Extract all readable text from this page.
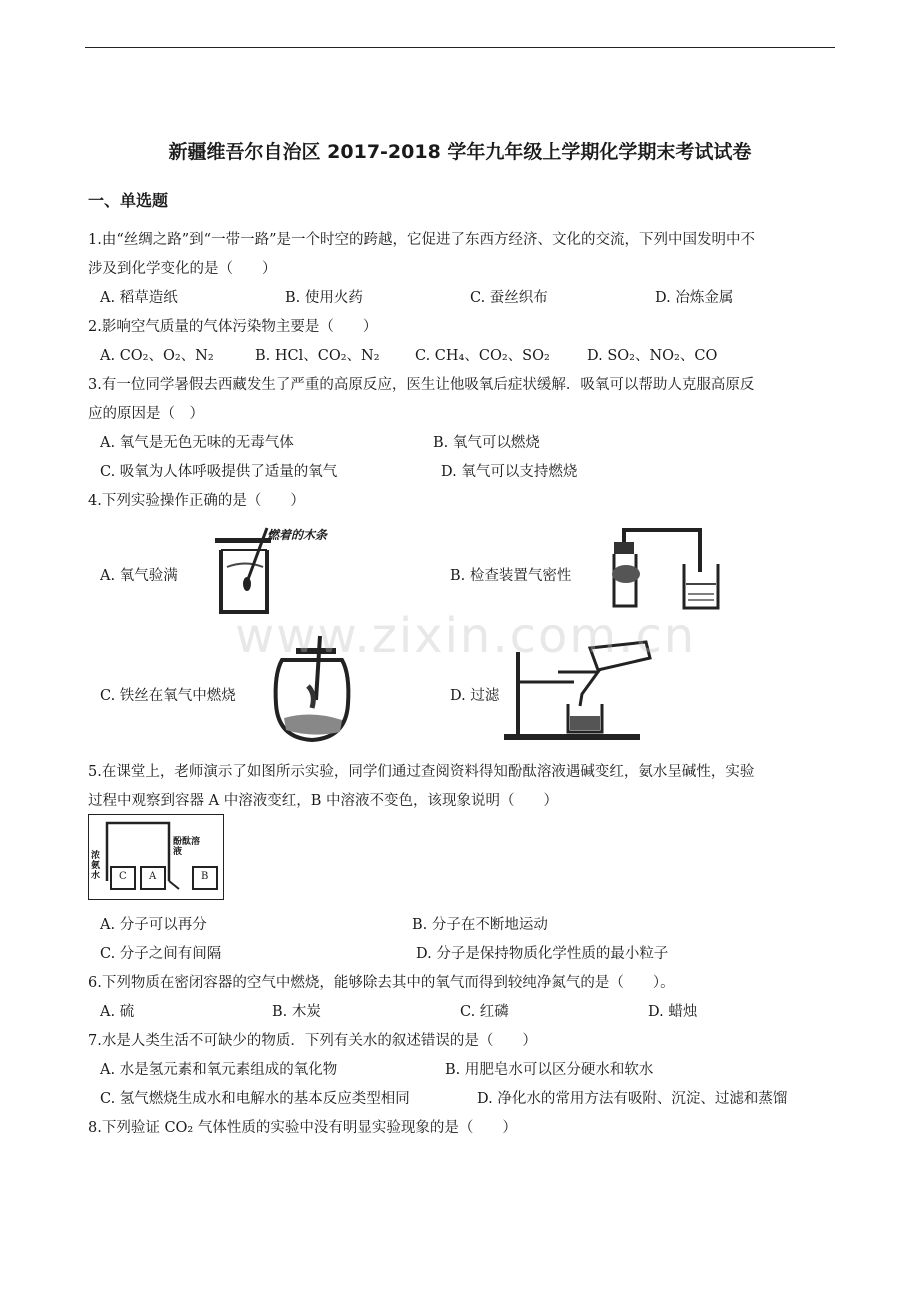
新疆维吾尔自治区 2017-2018 学年九年级上学期化学期末考试试卷
一、单选题
1.由“丝绸之路”到“一带一路”是一个时空的跨越，它促进了东西方经济、文化的交流，下列中国发明中不
涉及到化学变化的是（　　）
A. 稻草造纸	B. 使用火药	C. 蚕丝织布	D. 冶炼金属
2.影响空气质量的气体污染物主要是（　　）
A. CO₂、O₂、N₂	B. HCl、CO₂、N₂ C. CH₄、CO₂、SO₂	D. SO₂、NO₂、CO
3.有一位同学暑假去西藏发生了严重的高原反应，医生让他吸氧后症状缓解．吸氧可以帮助人克服高原反
应的原因是（　）
A. 氧气是无色无味的无毒气体	B. 氧气可以燃烧
C. 吸氧为人体呼吸提供了适量的氧气	D. 氧气可以支持燃烧
4.下列实验操作正确的是（　　）
A. 氧气验满	B. 检查装置气密性
C. 铁丝在氧气中燃烧	D. 过滤
燃着的木条
5.在课堂上，老师演示了如图所示实验，同学们通过查阅资料得知酚酞溶液遇碱变红，氨水呈碱性，实验
过程中观察到容器 A 中溶液变红，B 中溶液不变色，该现象说明（　　）
浓氨水
酚酞溶液
C A	B
A. 分子可以再分	B. 分子在不断地运动
C. 分子之间有间隔	D. 分子是保持物质化学性质的最小粒子
6.下列物质在密闭容器的空气中燃烧，能够除去其中的氧气而得到较纯净氮气的是（　　）。
A. 硫	B. 木炭	C. 红磷	D. 蜡烛
7.水是人类生活不可缺少的物质．下列有关水的叙述错误的是（　　）
A. 水是氢元素和氧元素组成的氧化物	B. 用肥皂水可以区分硬水和软水
C. 氢气燃烧生成水和电解水的基本反应类型相同	D. 净化水的常用方法有吸附、沉淀、过滤和蒸馏
8.下列验证 CO₂ 气体性质的实验中没有明显实验现象的是（　　）
www.zixin.com.cn
